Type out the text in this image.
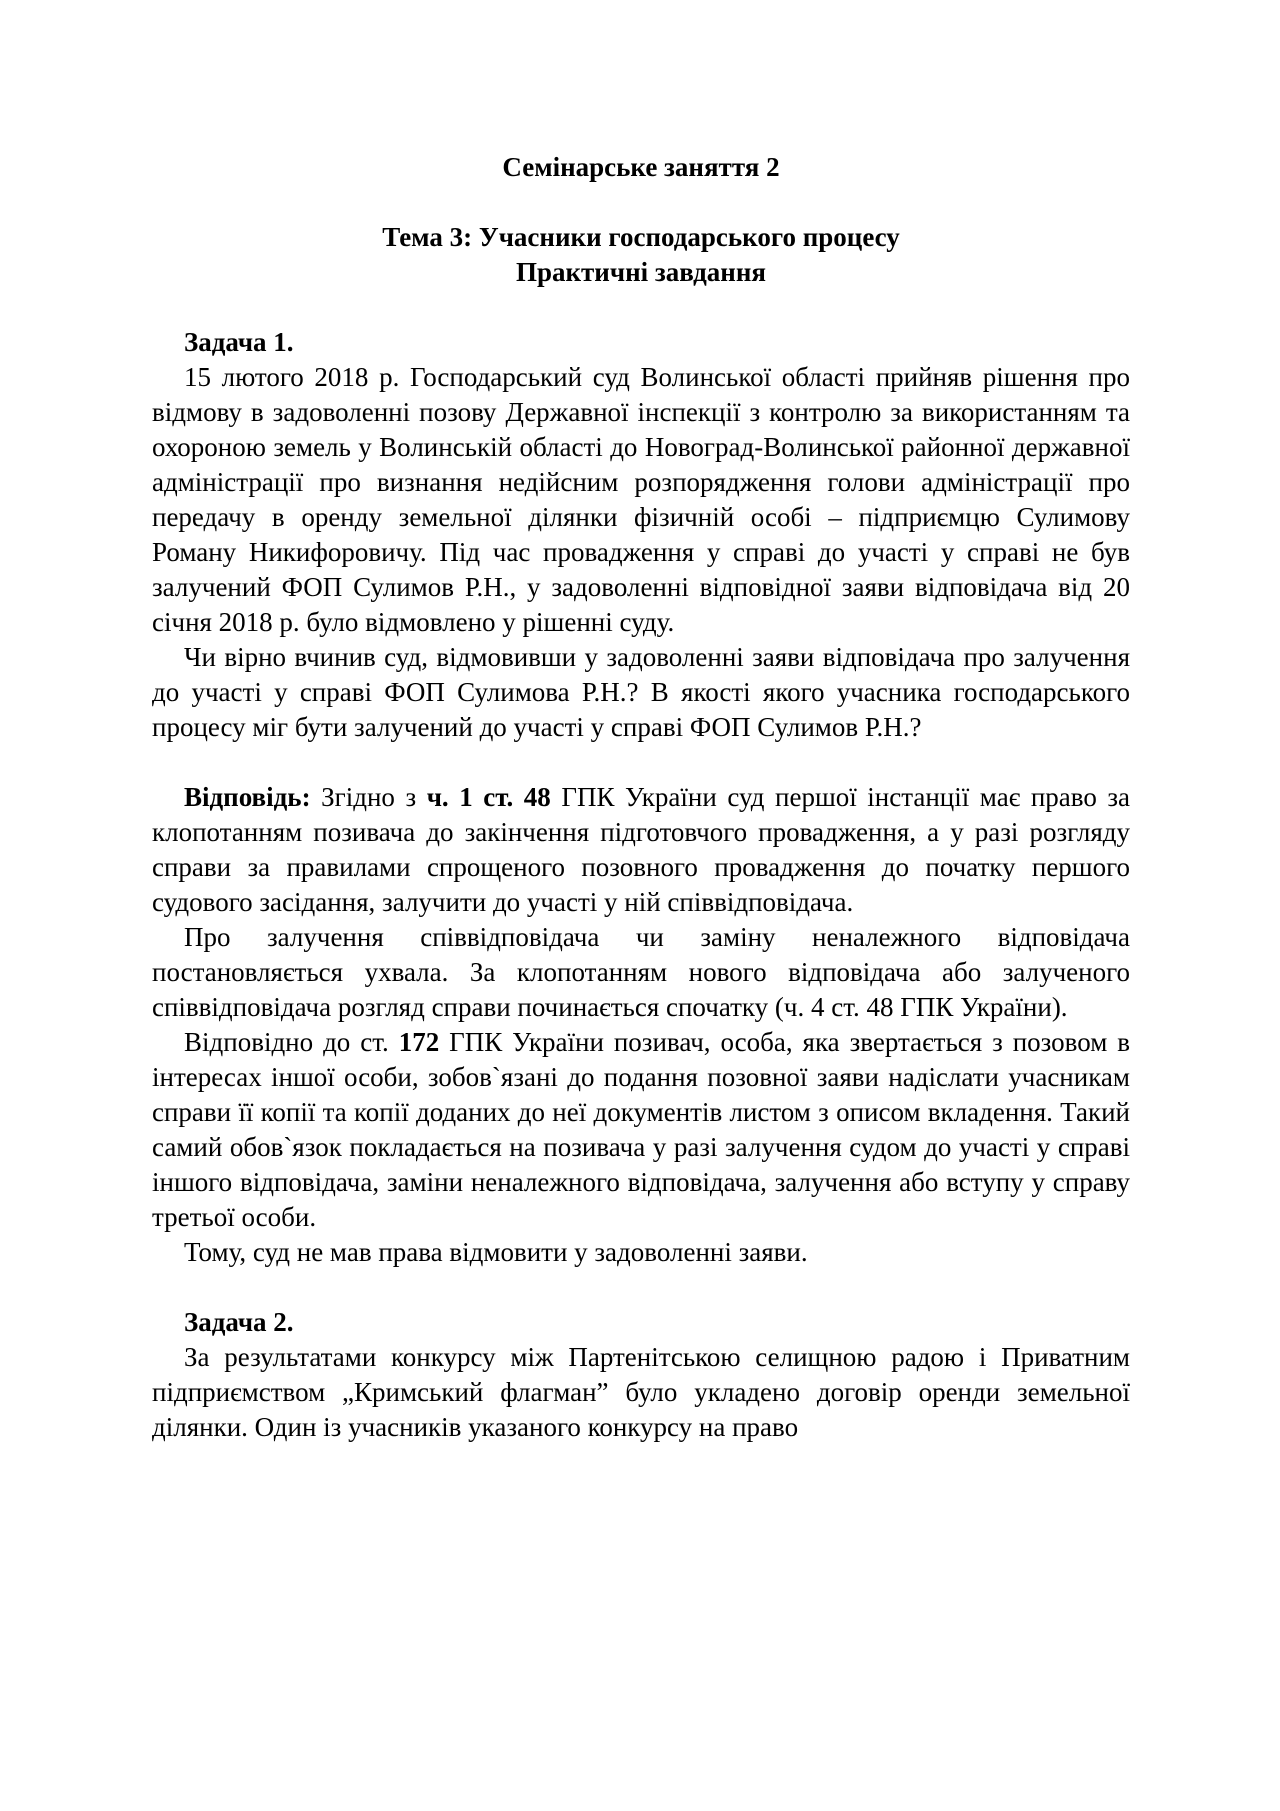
Семінарське заняття 2

Тема 3: Учасники господарського процесу

Практичні завдання

Задача 1.

15 лютого 2018 р. Господарський суд Волинської області прийняв рішення про відмову в задоволенні позову Державної інспекції з контролю за використанням та охороною земель у Волинській області до Новоград-Волинської районної державної адміністрації про визнання недійсним розпорядження голови адміністрації про передачу в оренду земельної ділянки фізичній особі – підприємцю Сулимову Роману Никифоровичу. Під час провадження у справі до участі у справі не був залучений ФОП Сулимов Р.Н., у задоволенні відповідної заяви відповідача від 20 січня 2018 р. було відмовлено у рішенні суду.

Чи вірно вчинив суд, відмовивши у задоволенні заяви відповідача про залучення до участі у справі ФОП Сулимова Р.Н.? В якості якого учасника господарського процесу міг бути залучений до участі у справі ФОП Сулимов Р.Н.?

Відповідь: Згідно з ч. 1 ст. 48 ГПК України суд першої інстанції має право за клопотанням позивача до закінчення підготовчого провадження, а у разі розгляду справи за правилами спрощеного позовного провадження до початку першого судового засідання, залучити до участі у ній співвідповідача.

Про залучення співвідповідача чи заміну неналежного відповідача постановляється ухвала. За клопотанням нового відповідача або залученого співвідповідача розгляд справи починається спочатку (ч. 4 ст. 48 ГПК України).

Відповідно до ст. 172 ГПК України позивач, особа, яка звертається з позовом в інтересах іншої особи, зобов`язані до подання позовної заяви надіслати учасникам справи її копії та копії доданих до неї документів листом з описом вкладення. Такий самий обов`язок покладається на позивача у разі залучення судом до участі у справі іншого відповідача, заміни неналежного відповідача, залучення або вступу у справу третьої особи.

Тому, суд не мав права відмовити у задоволенні заяви.

Задача 2.

За результатами конкурсу між Партенітською селищною радою і Приватним підприємством „Кримський флагман” було укладено договір оренди земельної ділянки. Один із учасників указаного конкурсу на право
